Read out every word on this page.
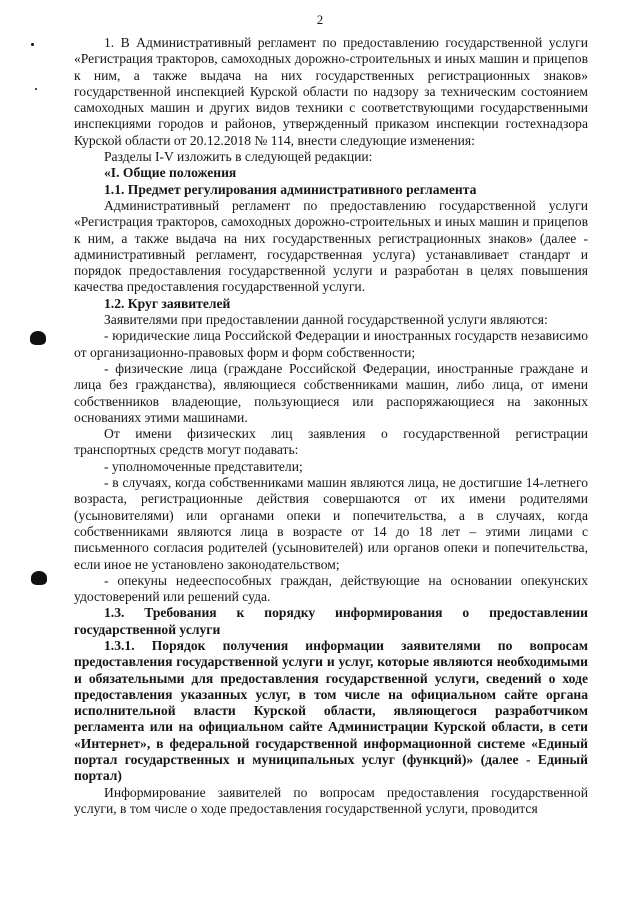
2

1. В Административный регламент по предоставлению государственной услуги «Регистрация тракторов, самоходных дорожно-строительных и иных машин и прицепов к ним, а также выдача на них государственных регистрационных знаков» государственной инспекцией Курской области по надзору за техническим состоянием самоходных машин и других видов техники с соответствующими государственными инспекциями городов и районов, утвержденный приказом инспекции гостехнадзора Курской области от 20.12.2018 № 114, внести следующие изменения:

Разделы I-V изложить в следующей редакции:

«I. Общие положения

1.1. Предмет регулирования административного регламента

Административный регламент по предоставлению государственной услуги «Регистрация тракторов, самоходных дорожно-строительных и иных машин и прицепов к ним, а также выдача на них государственных регистрационных знаков» (далее - административный регламент, государственная услуга) устанавливает стандарт и порядок предоставления государственной услуги и разработан в целях повышения качества предоставления государственной услуги.

1.2. Круг заявителей

Заявителями при предоставлении данной государственной услуги являются:

- юридические лица Российской Федерации и иностранных государств независимо от организационно-правовых форм и форм собственности;

- физические лица (граждане Российской Федерации, иностранные граждане и лица без гражданства), являющиеся собственниками машин, либо лица, от имени собственников владеющие, пользующиеся или распоряжающиеся на законных основаниях этими машинами.

От имени физических лиц заявления о государственной регистрации транспортных средств могут подавать:

- уполномоченные представители;

- в случаях, когда собственниками машин являются лица, не достигшие 14-летнего возраста, регистрационные действия совершаются от их имени родителями (усыновителями) или органами опеки и попечительства, а в случаях, когда собственниками являются лица в возрасте от 14 до 18 лет – этими лицами с письменного согласия родителей (усыновителей) или органов опеки и попечительства, если иное не установлено законодательством;

- опекуны недееспособных граждан, действующие на основании опекунских удостоверений или решений суда.

1.3. Требования к порядку информирования о предоставлении государственной услуги

1.3.1. Порядок получения информации заявителями по вопросам предоставления государственной услуги и услуг, которые являются необходимыми и обязательными для предоставления государственной услуги, сведений о ходе предоставления указанных услуг, в том числе на официальном сайте органа исполнительной власти Курской области, являющегося разработчиком регламента или на официальном сайте Администрации Курской области, в сети «Интернет», в федеральной государственной информационной системе «Единый портал государственных и муниципальных услуг (функций)» (далее - Единый портал)

Информирование заявителей по вопросам предоставления государственной услуги, в том числе о ходе предоставления государственной услуги, проводится
